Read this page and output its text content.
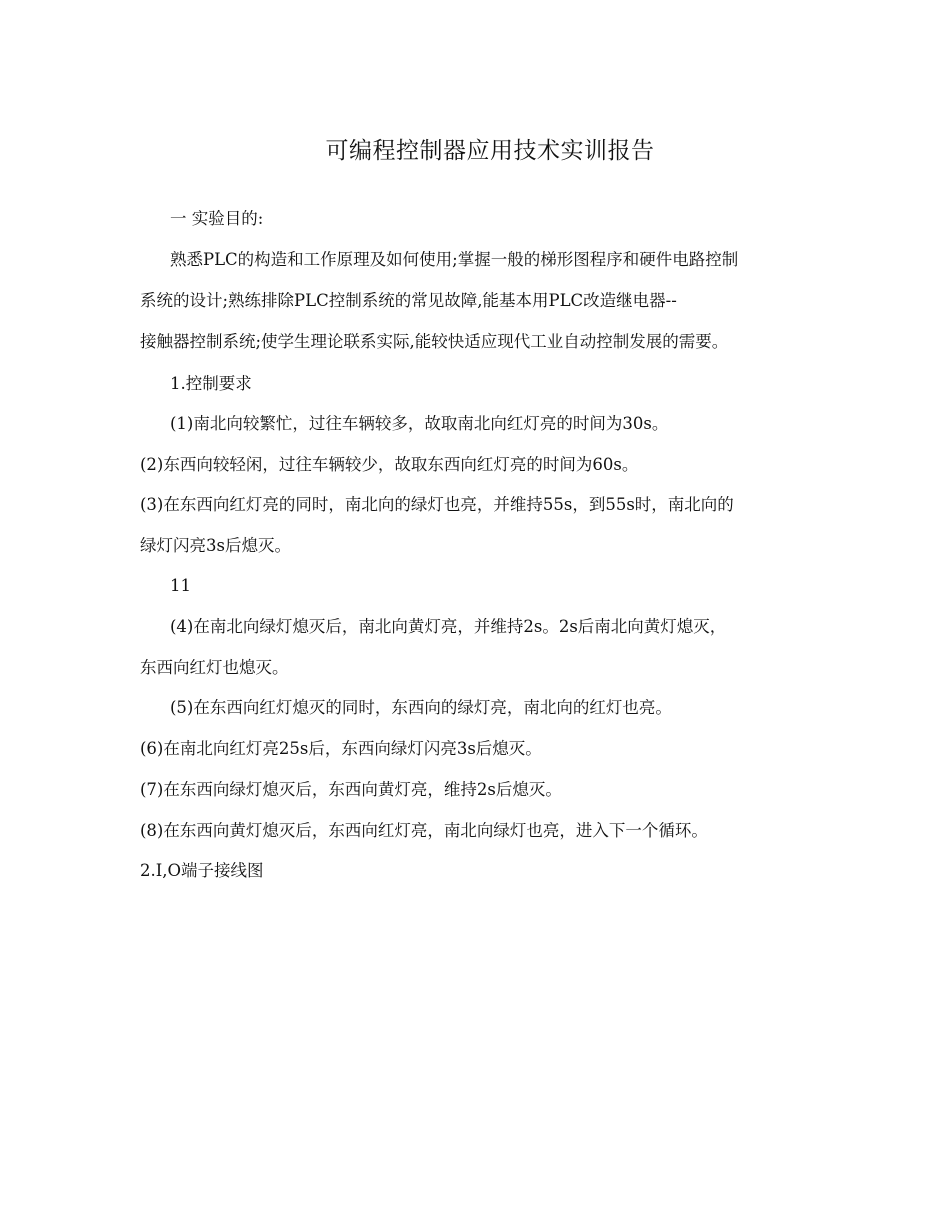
可编程控制器应用技术实训报告

一 实验目的:

熟悉PLC的构造和工作原理及如何使用;掌握一般的梯形图程序和硬件电路控制

系统的设计;熟练排除PLC控制系统的常见故障,能基本用PLC改造继电器--

接触器控制系统;使学生理论联系实际,能较快适应现代工业自动控制发展的需要。

1.控制要求

(1)南北向较繁忙，过往车辆较多，故取南北向红灯亮的时间为30s。

(2)东西向较轻闲，过往车辆较少，故取东西向红灯亮的时间为60s。

(3)在东西向红灯亮的同时，南北向的绿灯也亮，并维持55s，到55s时，南北向的

绿灯闪亮3s后熄灭。

11

(4)在南北向绿灯熄灭后，南北向黄灯亮，并维持2s。2s后南北向黄灯熄灭，

东西向红灯也熄灭。

(5)在东西向红灯熄灭的同时，东西向的绿灯亮，南北向的红灯也亮。

(6)在南北向红灯亮25s后，东西向绿灯闪亮3s后熄灭。

(7)在东西向绿灯熄灭后，东西向黄灯亮，维持2s后熄灭。

(8)在东西向黄灯熄灭后，东西向红灯亮，南北向绿灯也亮，进入下一个循环。

2.I,O端子接线图
